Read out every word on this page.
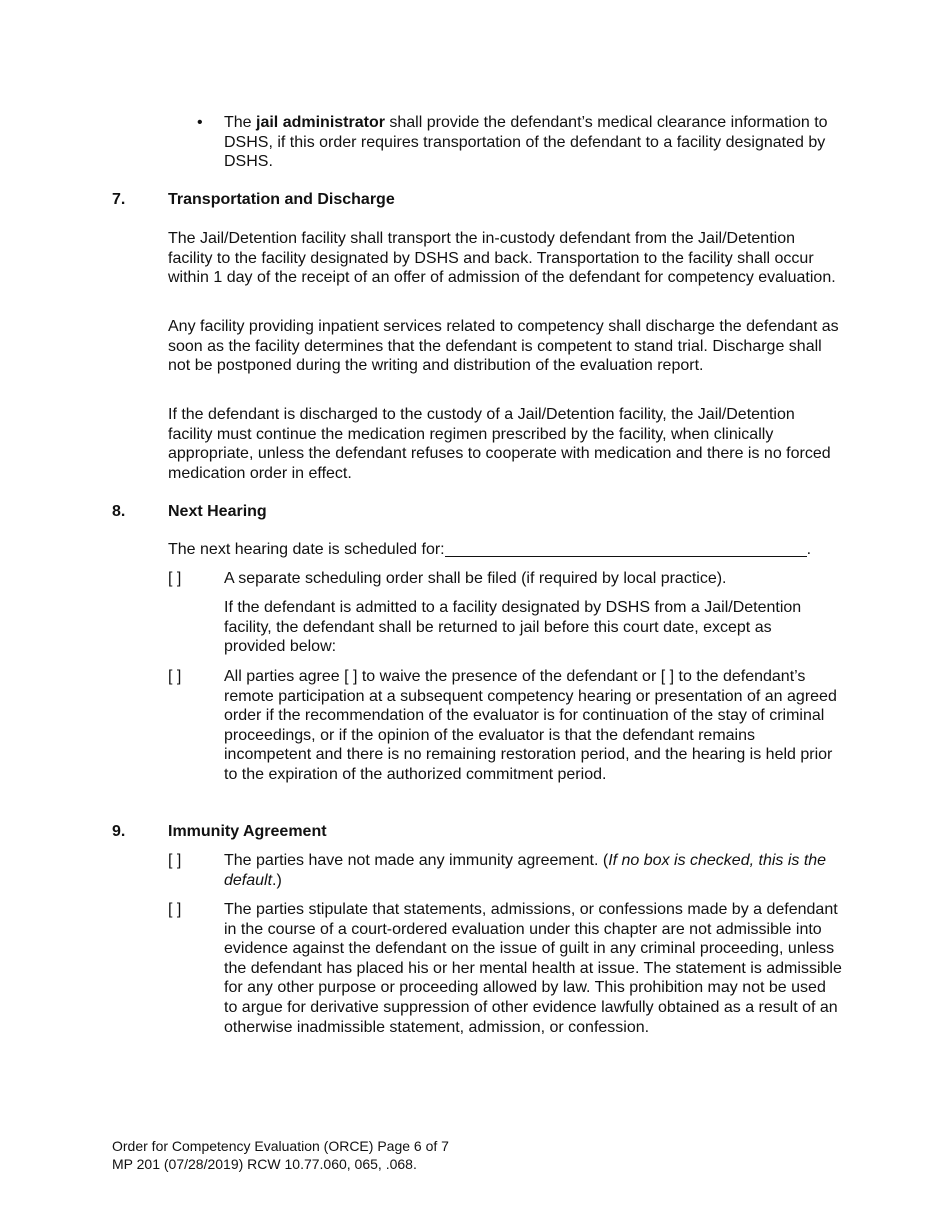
• The jail administrator shall provide the defendant’s medical clearance information to DSHS, if this order requires transportation of the defendant to a facility designated by DSHS.
7.	Transportation and Discharge
The Jail/Detention facility shall transport the in-custody defendant from the Jail/Detention facility to the facility designated by DSHS and back. Transportation to the facility shall occur within 1 day of the receipt of an offer of admission of the defendant for competency evaluation.
Any facility providing inpatient services related to competency shall discharge the defendant as soon as the facility determines that the defendant is competent to stand trial. Discharge shall not be postponed during the writing and distribution of the evaluation report.
If the defendant is discharged to the custody of a Jail/Detention facility, the Jail/Detention facility must continue the medication regimen prescribed by the facility, when clinically appropriate, unless the defendant refuses to cooperate with medication and there is no forced medication order in effect.
8.	Next Hearing
The next hearing date is scheduled for:	.
[ ]	A separate scheduling order shall be filed (if required by local practice).
If the defendant is admitted to a facility designated by DSHS from a Jail/Detention facility, the defendant shall be returned to jail before this court date, except as provided below:
[ ]	All parties agree [ ] to waive the presence of the defendant or [ ] to the defendant’s remote participation at a subsequent competency hearing or presentation of an agreed order if the recommendation of the evaluator is for continuation of the stay of criminal proceedings, or if the opinion of the evaluator is that the defendant remains incompetent and there is no remaining restoration period, and the hearing is held prior to the expiration of the authorized commitment period.
9.	Immunity Agreement
[ ]	The parties have not made any immunity agreement. (If no box is checked, this is the default.)
[ ]	The parties stipulate that statements, admissions, or confessions made by a defendant in the course of a court-ordered evaluation under this chapter are not admissible into evidence against the defendant on the issue of guilt in any criminal proceeding, unless the defendant has placed his or her mental health at issue. The statement is admissible for any other purpose or proceeding allowed by law. This prohibition may not be used to argue for derivative suppression of other evidence lawfully obtained as a result of an otherwise inadmissible statement, admission, or confession.
Order for Competency Evaluation (ORCE) Page 6 of 7
MP 201 (07/28/2019) RCW 10.77.060, 065, .068.
